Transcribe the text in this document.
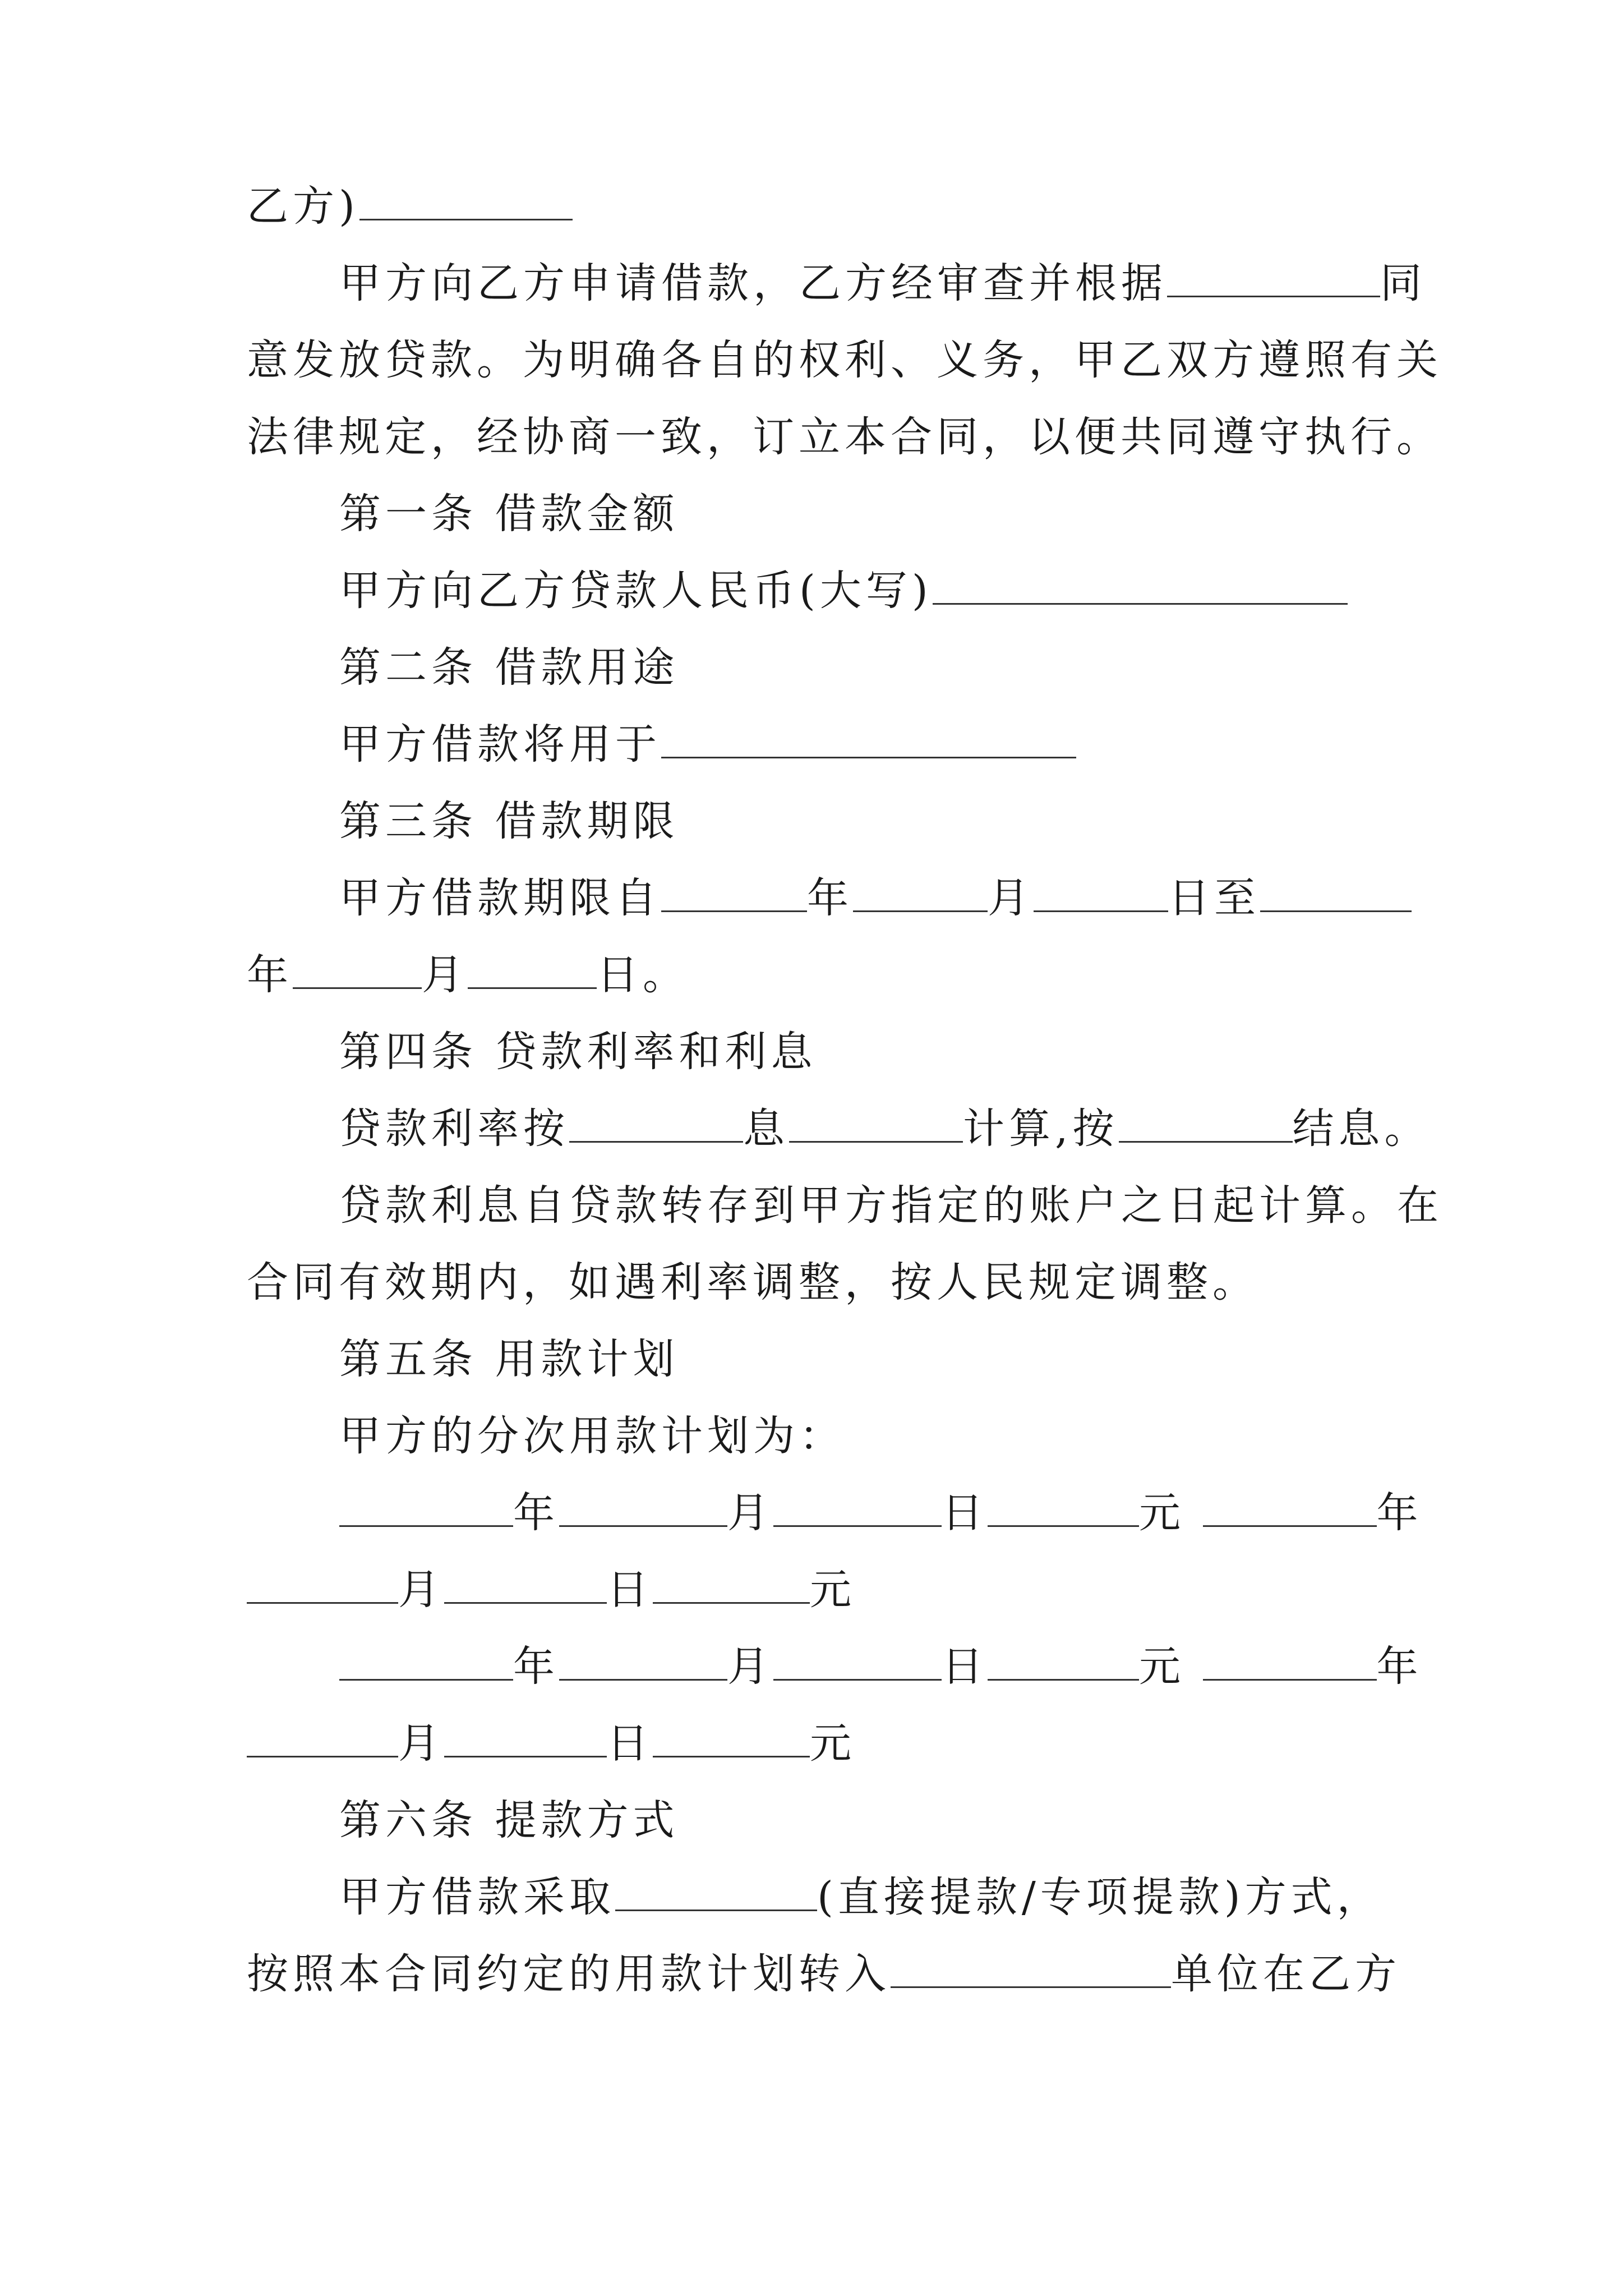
乙方)
甲方向乙方申请借款，乙方经审查并根据	同
意发放贷款。为明确各自的权利、义务，甲乙双方遵照有关
法律规定，经协商一致，订立本合同，以便共同遵守执行。
第一条 借款金额
甲方向乙方贷款人民币(大写)
第二条 借款用途
甲方借款将用于
第三条 借款期限
甲方借款期限自	年	月	日至
年	月	日。
第四条 贷款利率和利息
贷款利率按	息	计算,按	结息。
贷款利息自贷款转存到甲方指定的账户之日起计算。在
合同有效期内，如遇利率调整，按人民规定调整。
第五条 用款计划
甲方的分次用款计划为：
年	月	日	元	年
月	日	元
年	月	日	元	年
月	日	元
第六条 提款方式
甲方借款采取	(直接提款/专项提款)方式，
按照本合同约定的用款计划转入	单位在乙方
